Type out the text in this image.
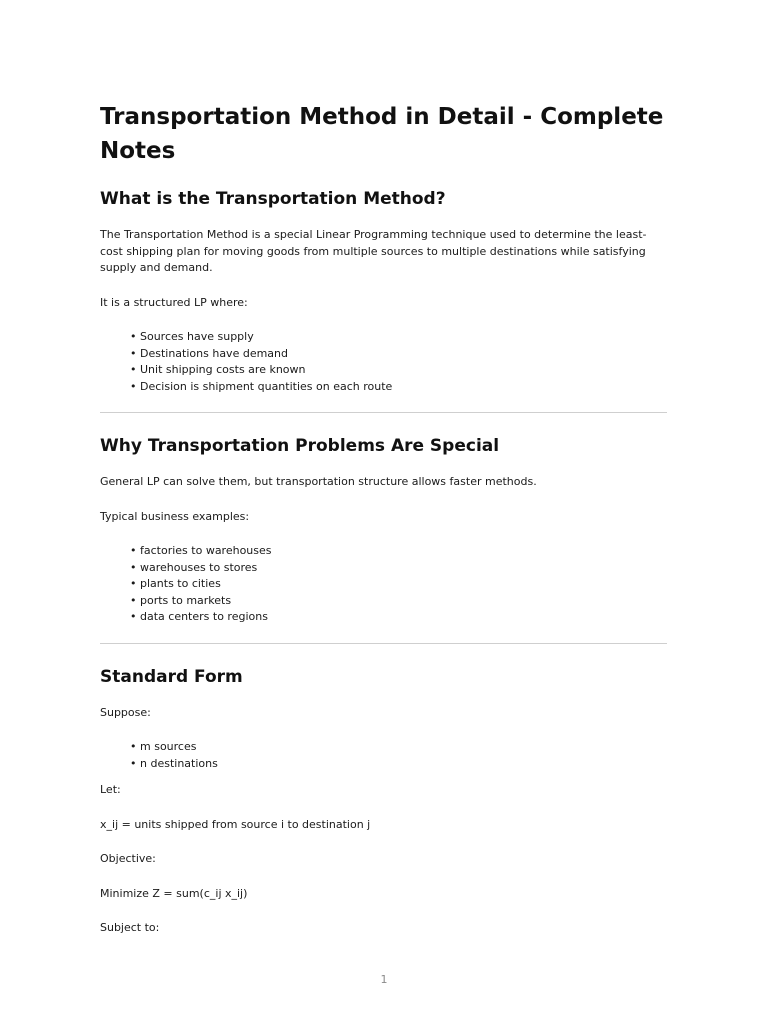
Transportation Method in Detail - Complete Notes
What is the Transportation Method?

The Transportation Method is a special Linear Programming technique used to determine the least-cost shipping plan for moving goods from multiple sources to multiple destinations while satisfying supply and demand.

It is a structured LP where:

• Sources have supply
• Destinations have demand
• Unit shipping costs are known
• Decision is shipment quantities on each route
Why Transportation Problems Are Special

General LP can solve them, but transportation structure allows faster methods.

Typical business examples:

• factories to warehouses
• warehouses to stores
• plants to cities
• ports to markets
• data centers to regions
Standard Form

Suppose:

• m sources
• n destinations

Let:

x_ij = units shipped from source i to destination j

Objective:

Minimize Z = sum(c_ij x_ij)

Subject to:

1
